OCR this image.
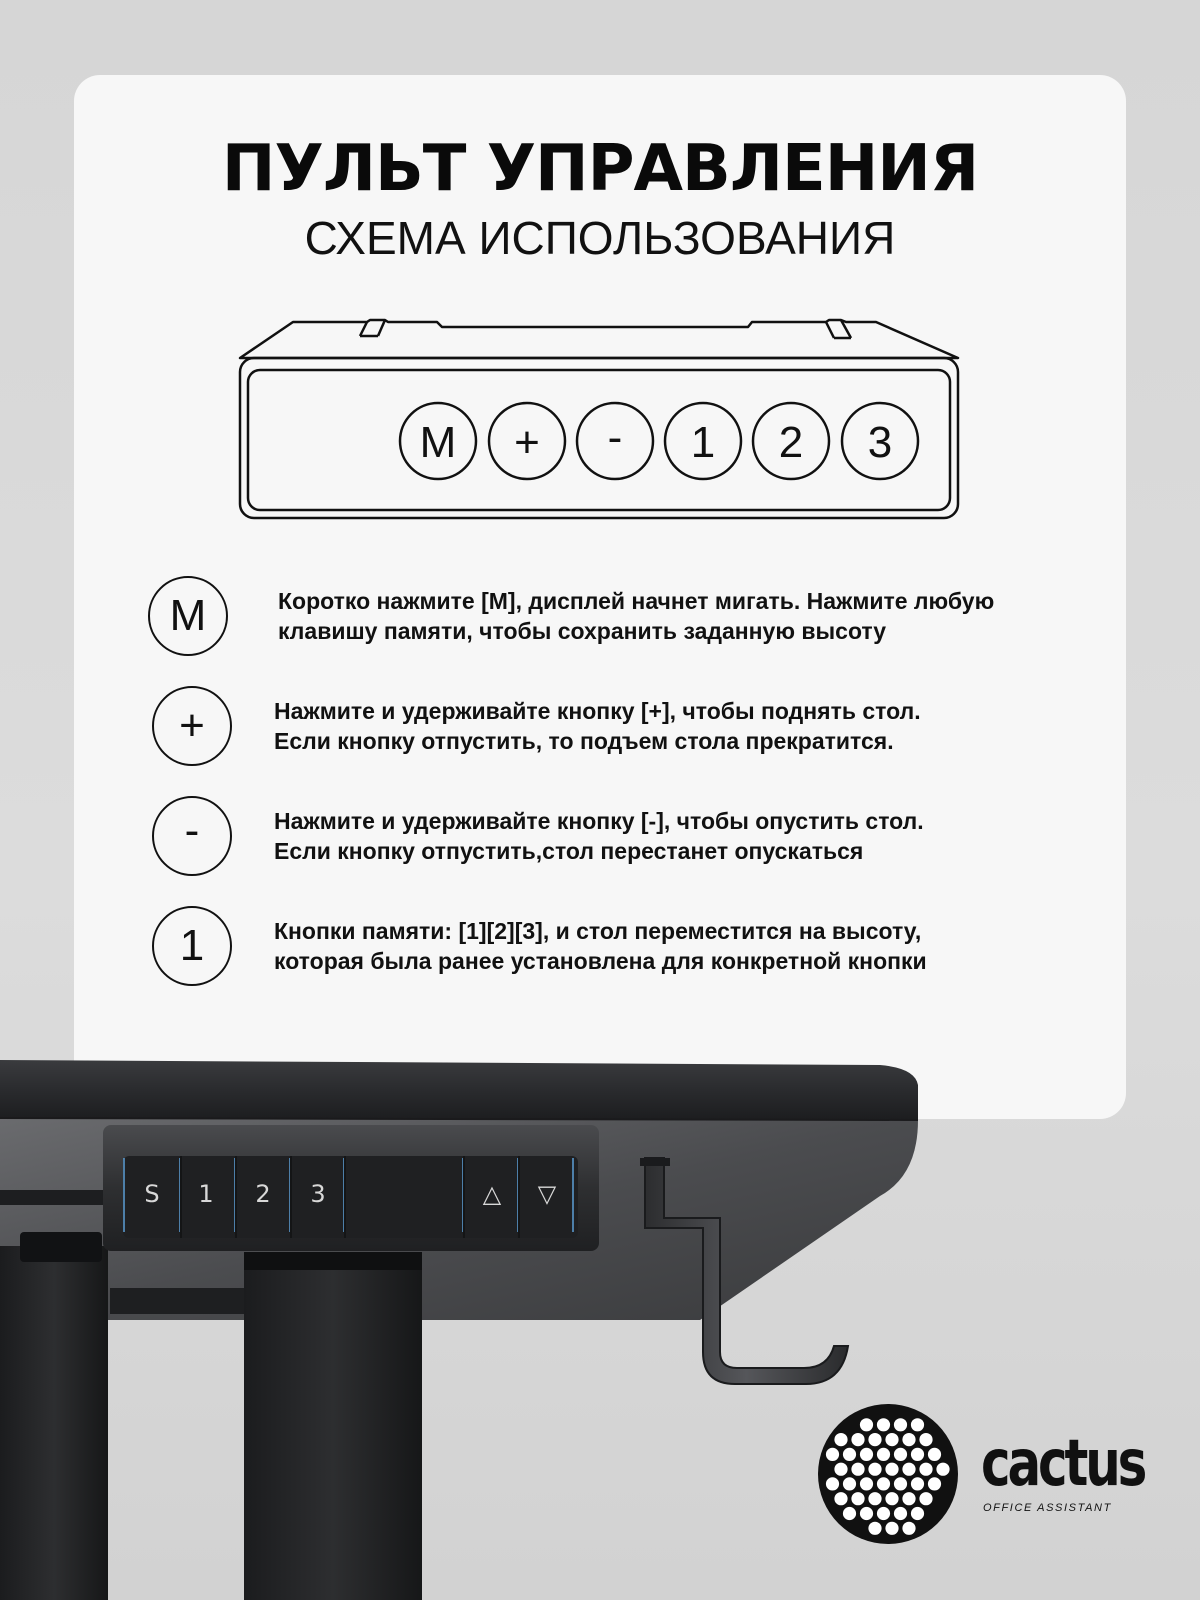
ПУЛЬТ УПРАВЛЕНИЯ
СХЕМА ИСПОЛЬЗОВАНИЯ
M + - 1 2 3
M	Коротко нажмите [M], дисплей начнет мигать. Нажмите любую
клавишу памяти, чтобы сохранить заданную высоту
+	Нажмите и удерживайте кнопку [+], чтобы поднять стол.
Если кнопку отпустить, то подъем стола прекратится.
-	Нажмите и удерживайте кнопку [-], чтобы опустить стол.
Если кнопку отпустить,стол перестанет опускаться
1	Кнопки памяти: [1][2][3], и стол переместится на высоту,
которая была ранее установлена для конкретной кнопки
S 1 2 3	△ ▽
cactus
OFFICE ASSISTANT
